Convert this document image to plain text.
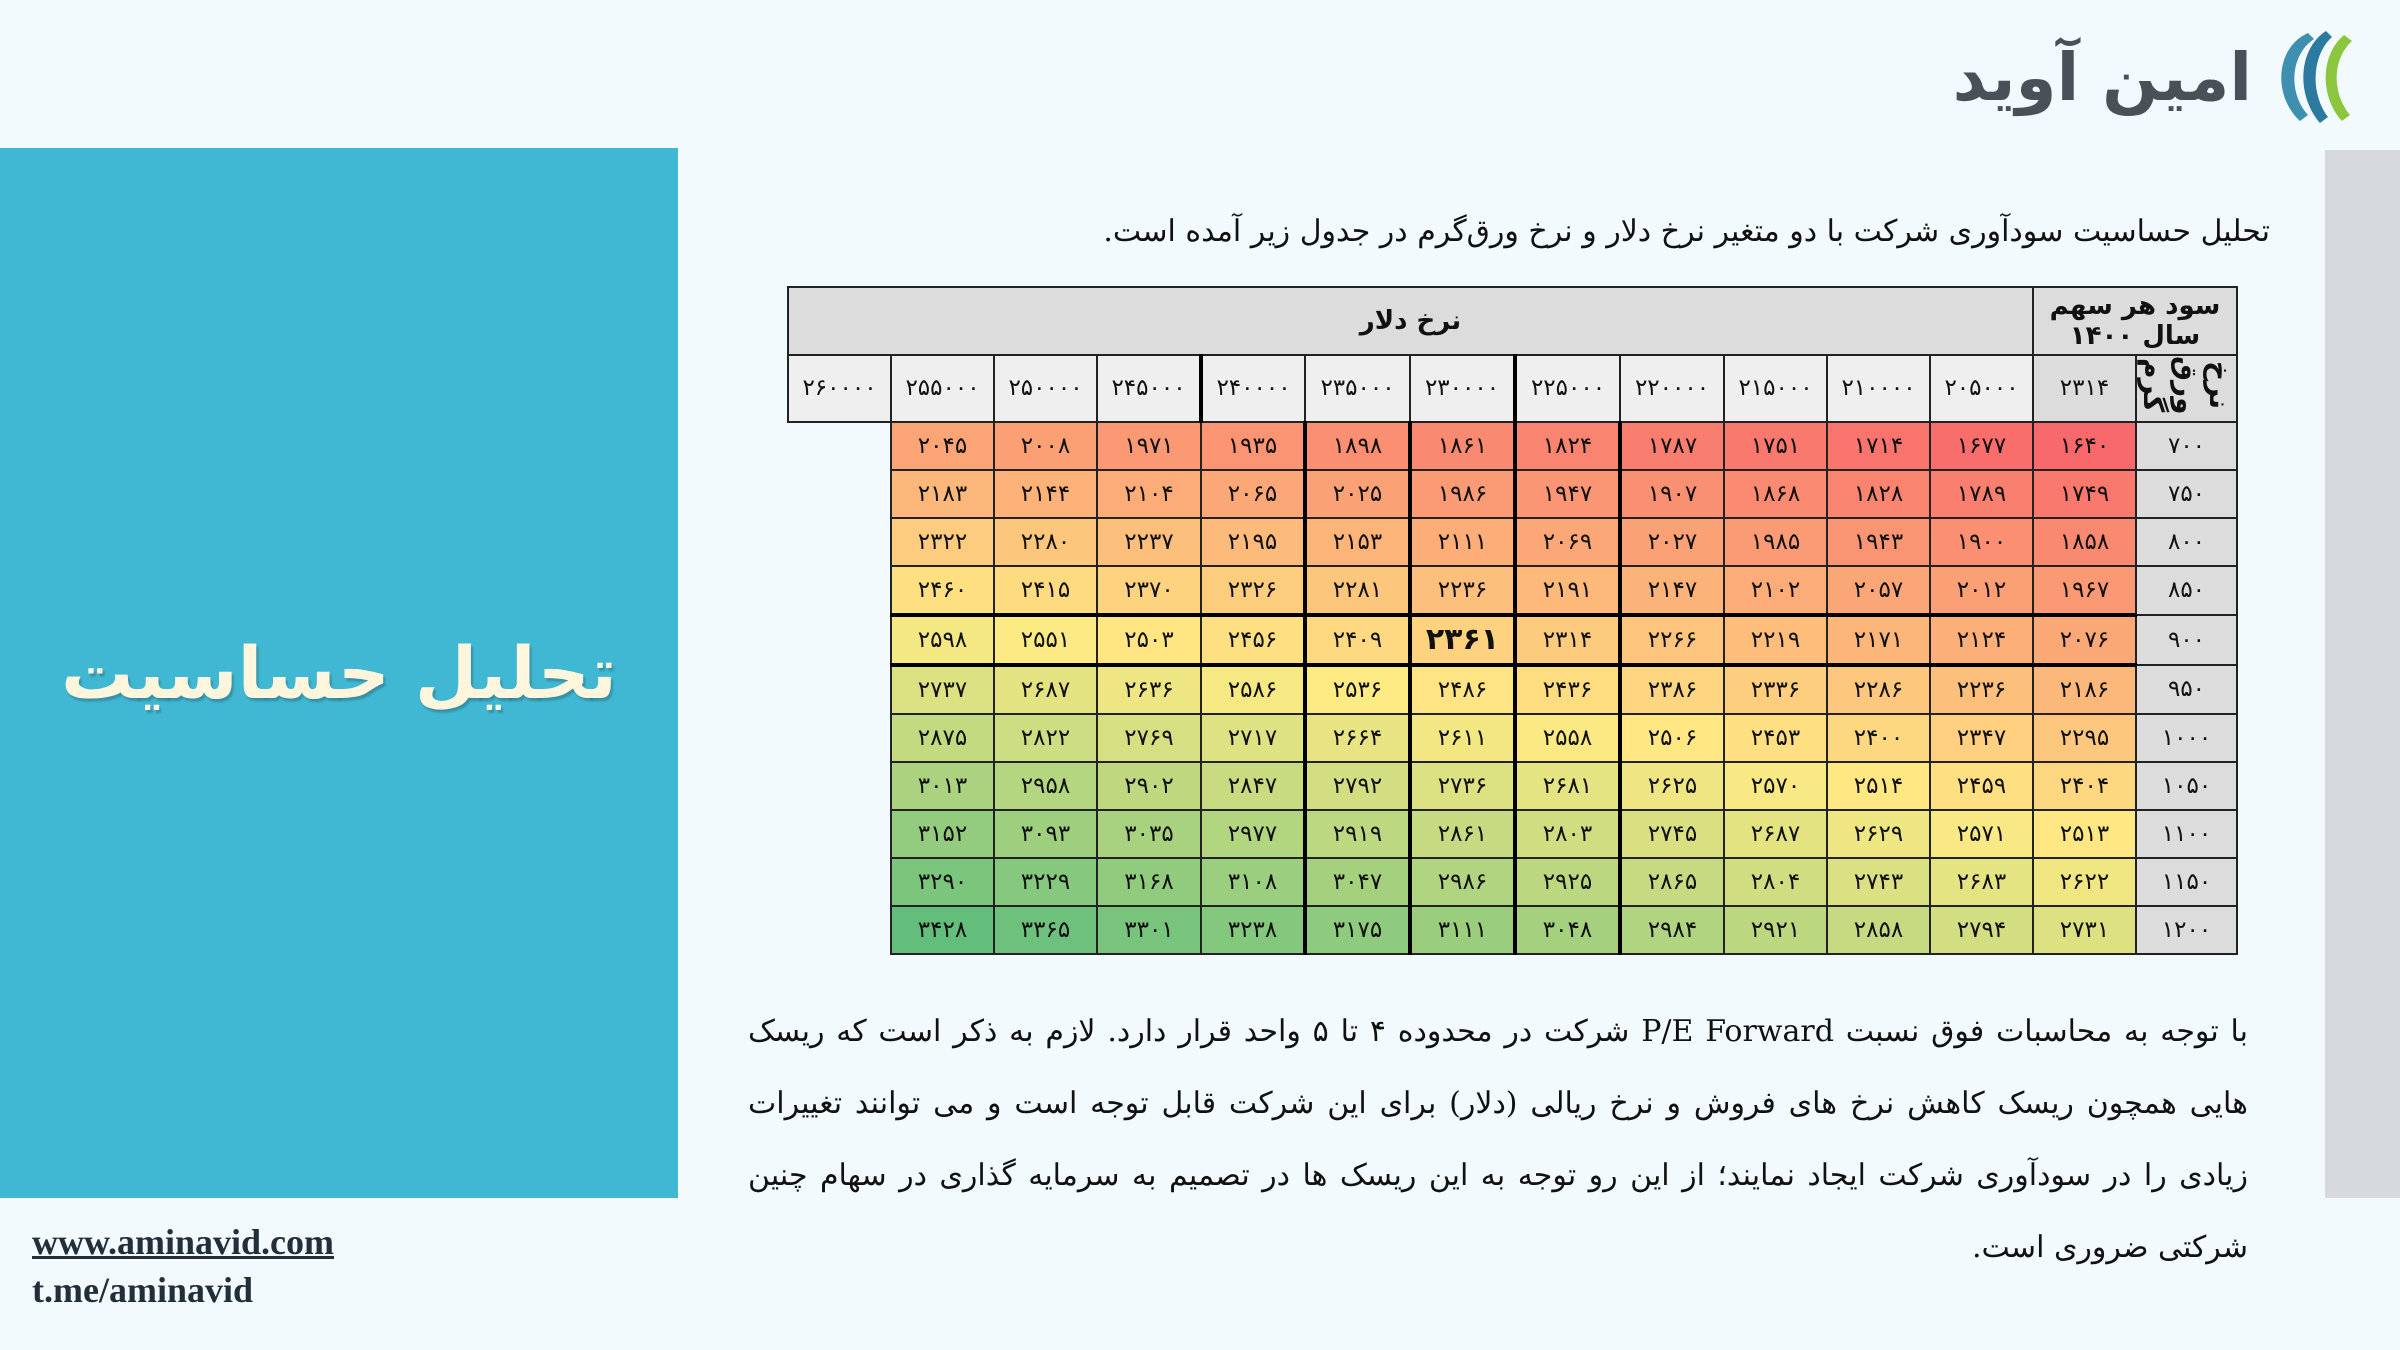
امین آوید
تحلیل حساسیت
www.aminavid.com
t.me/aminavid
تحلیل حساسیت سودآوری شرکت با دو متغیر نرخ دلار و نرخ ورق‌گرم در جدول زیر آمده است.
سود هر سهم سال ۱۴۰۰		نرخ دلار											
نرخ ورق گرم	۲۳۱۴	۲۰۵۰۰۰	۲۱۰۰۰۰	۲۱۵۰۰۰	۲۲۰۰۰۰	۲۲۵۰۰۰	۲۳۰۰۰۰	۲۳۵۰۰۰	۲۴۰۰۰۰	۲۴۵۰۰۰	۲۵۰۰۰۰	۲۵۵۰۰۰	۲۶۰۰۰۰
۷۰۰	۱۶۴۰	۱۶۷۷	۱۷۱۴	۱۷۵۱	۱۷۸۷	۱۸۲۴	۱۸۶۱	۱۸۹۸	۱۹۳۵	۱۹۷۱	۲۰۰۸	۲۰۴۵	
۷۵۰	۱۷۴۹	۱۷۸۹	۱۸۲۸	۱۸۶۸	۱۹۰۷	۱۹۴۷	۱۹۸۶	۲۰۲۵	۲۰۶۵	۲۱۰۴	۲۱۴۴	۲۱۸۳	
۸۰۰	۱۸۵۸	۱۹۰۰	۱۹۴۳	۱۹۸۵	۲۰۲۷	۲۰۶۹	۲۱۱۱	۲۱۵۳	۲۱۹۵	۲۲۳۷	۲۲۸۰	۲۳۲۲	
۸۵۰	۱۹۶۷	۲۰۱۲	۲۰۵۷	۲۱۰۲	۲۱۴۷	۲۱۹۱	۲۲۳۶	۲۲۸۱	۲۳۲۶	۲۳۷۰	۲۴۱۵	۲۴۶۰	
۹۰۰	۲۰۷۶	۲۱۲۴	۲۱۷۱	۲۲۱۹	۲۲۶۶	۲۳۱۴	۲۳۶۱	۲۴۰۹	۲۴۵۶	۲۵۰۳	۲۵۵۱	۲۵۹۸	
۹۵۰	۲۱۸۶	۲۲۳۶	۲۲۸۶	۲۳۳۶	۲۳۸۶	۲۴۳۶	۲۴۸۶	۲۵۳۶	۲۵۸۶	۲۶۳۶	۲۶۸۷	۲۷۳۷	
۱۰۰۰	۲۲۹۵	۲۳۴۷	۲۴۰۰	۲۴۵۳	۲۵۰۶	۲۵۵۸	۲۶۱۱	۲۶۶۴	۲۷۱۷	۲۷۶۹	۲۸۲۲	۲۸۷۵	
۱۰۵۰	۲۴۰۴	۲۴۵۹	۲۵۱۴	۲۵۷۰	۲۶۲۵	۲۶۸۱	۲۷۳۶	۲۷۹۲	۲۸۴۷	۲۹۰۲	۲۹۵۸	۳۰۱۳	
۱۱۰۰	۲۵۱۳	۲۵۷۱	۲۶۲۹	۲۶۸۷	۲۷۴۵	۲۸۰۳	۲۸۶۱	۲۹۱۹	۲۹۷۷	۳۰۳۵	۳۰۹۳	۳۱۵۲	
۱۱۵۰	۲۶۲۲	۲۶۸۳	۲۷۴۳	۲۸۰۴	۲۸۶۵	۲۹۲۵	۲۹۸۶	۳۰۴۷	۳۱۰۸	۳۱۶۸	۳۲۲۹	۳۲۹۰	
۱۲۰۰	۲۷۳۱	۲۷۹۴	۲۸۵۸	۲۹۲۱	۲۹۸۴	۳۰۴۸	۳۱۱۱	۳۱۷۵	۳۲۳۸	۳۳۰۱	۳۳۶۵	۳۴۲۸	
با توجه به محاسبات فوق نسبت P/E Forward شرکت در محدوده ۴ تا ۵ واحد قرار دارد. لازم به ذکر است که ریسک هایی همچون ریسک کاهش نرخ های فروش و نرخ ریالی (دلار) برای این شرکت قابل توجه است و می توانند تغییرات زیادی را در سودآوری شرکت ایجاد نمایند؛ از این رو توجه به این ریسک ها در تصمیم به سرمایه گذاری در سهام چنین شرکتی ضروری است.
